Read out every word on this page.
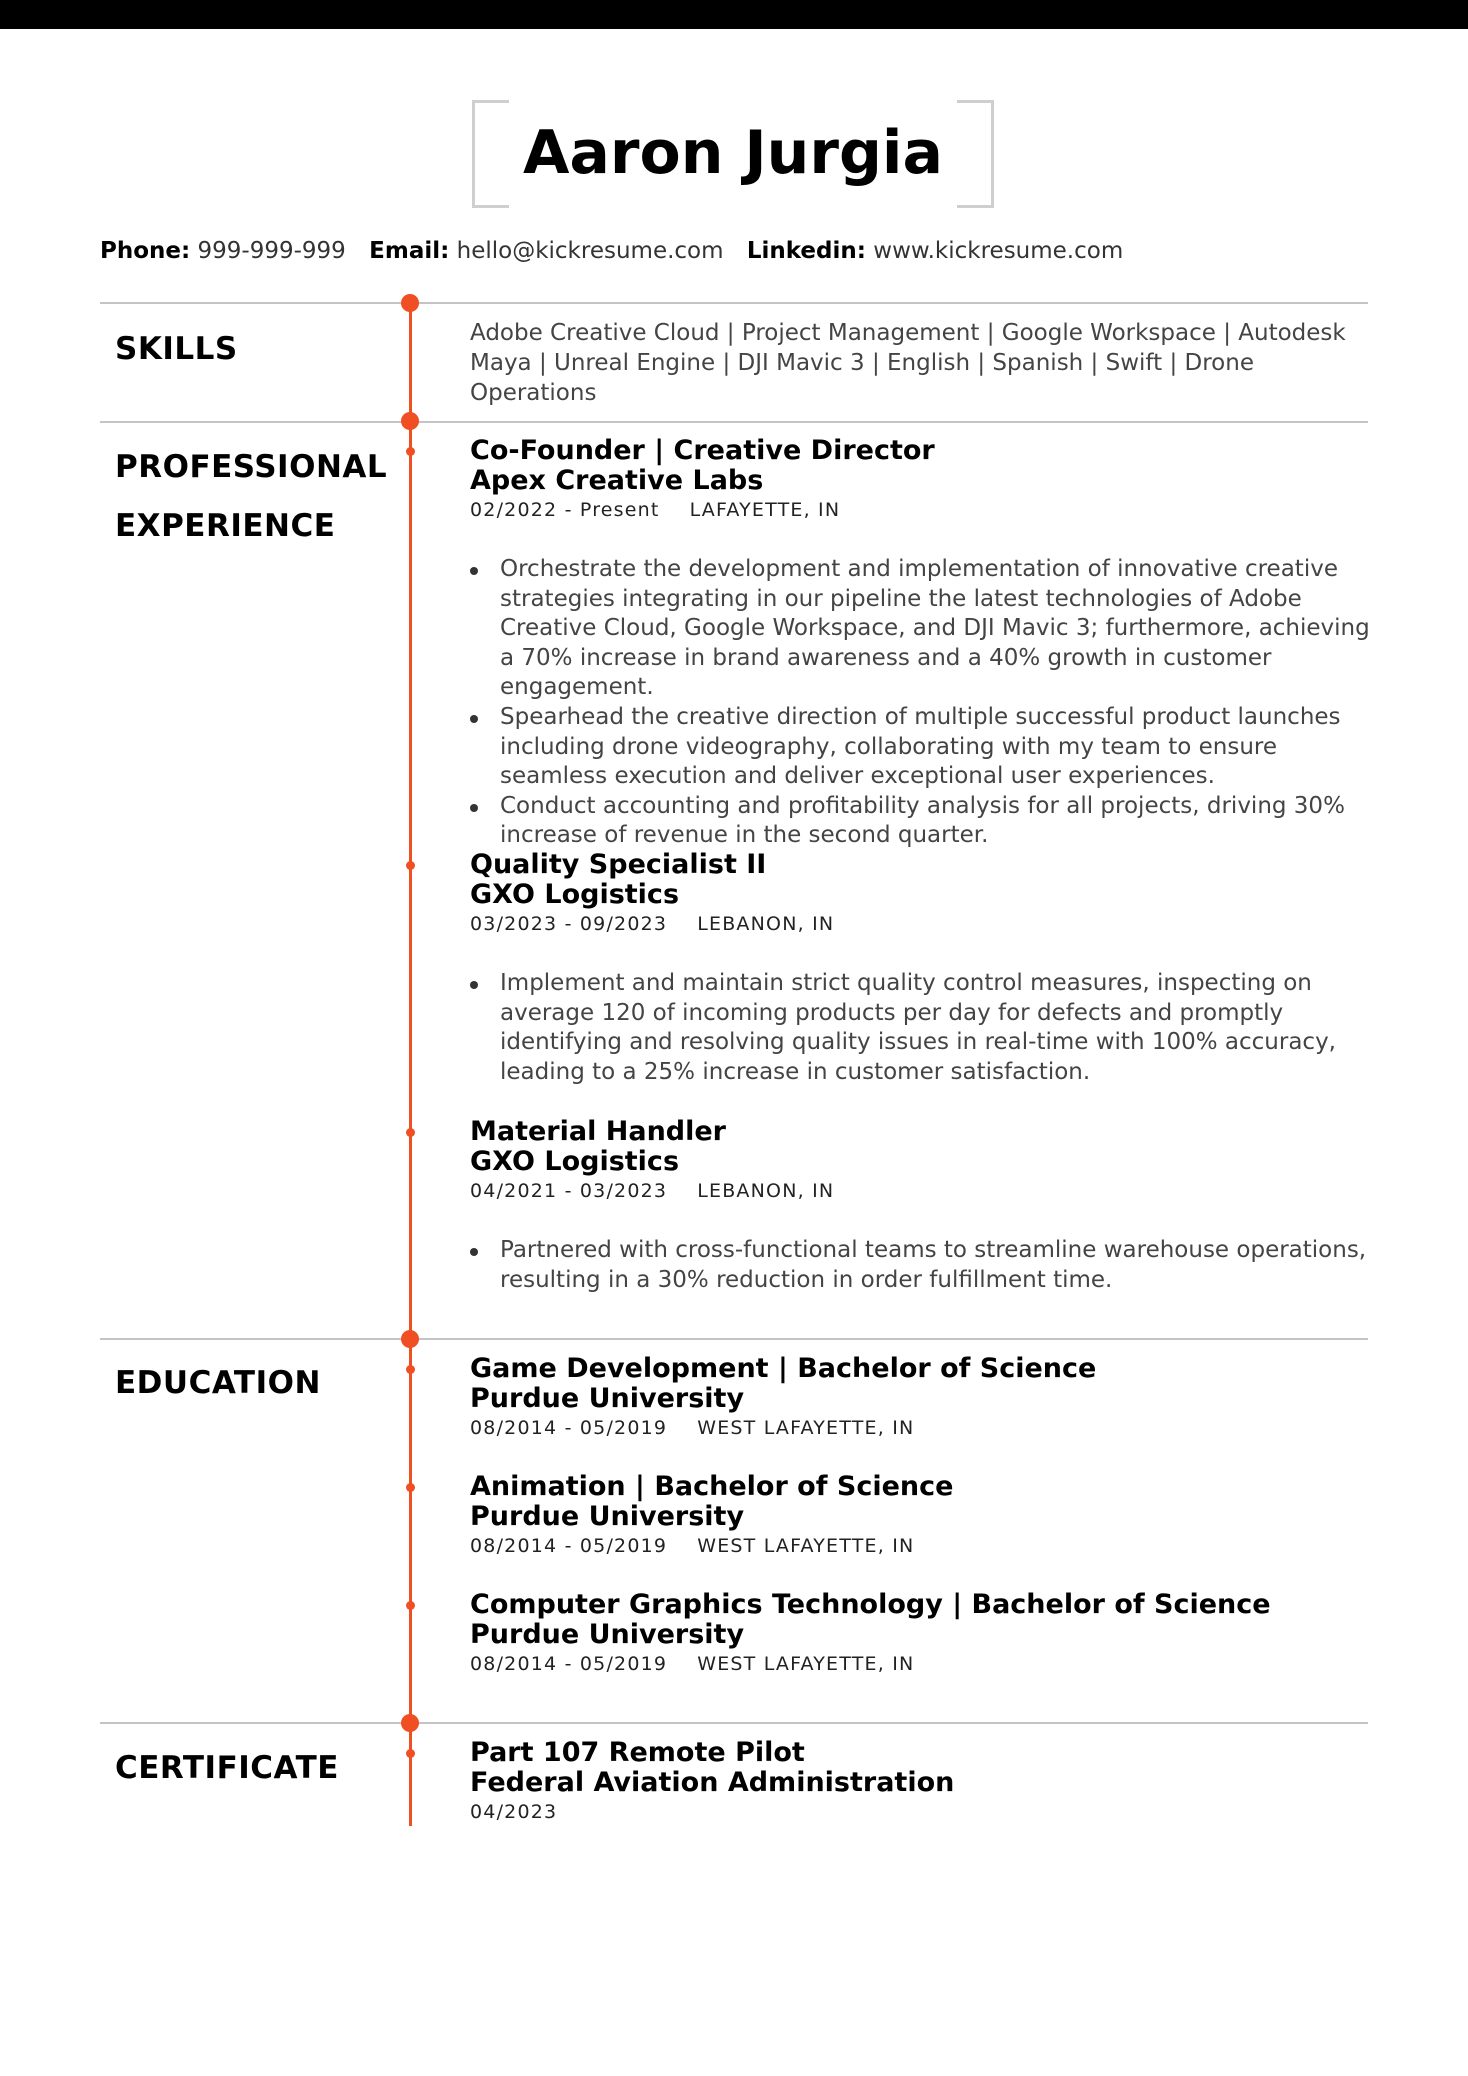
Aaron Jurgia
Phone: 999-999-999 Email: hello@kickresume.com Linkedin: www.kickresume.com
SKILLS
PROFESSIONAL
EXPERIENCE
EDUCATION
CERTIFICATE
Adobe Creative Cloud | Project Management | Google Workspace | Autodesk Maya | Unreal Engine | DJI Mavic 3 | English | Spanish | Swift | Drone Operations
Co-Founder | Creative Director
Apex Creative Labs
02/2022 - Present LAFAYETTE, IN
Orchestrate the development and implementation of innovative creative strategies integrating in our pipeline the latest technologies of Adobe Creative Cloud, Google Workspace, and DJI Mavic 3; furthermore, achieving a 70% increase in brand awareness and a 40% growth in customer engagement.
Spearhead the creative direction of multiple successful product launches including drone videography, collaborating with my team to ensure seamless execution and deliver exceptional user experiences.
Conduct accounting and profitability analysis for all projects, driving 30% increase of revenue in the second quarter.
Quality Specialist II
GXO Logistics
03/2023 - 09/2023 LEBANON, IN
Implement and maintain strict quality control measures, inspecting on average 120 of incoming products per day for defects and promptly identifying and resolving quality issues in real-time with 100% accuracy, leading to a 25% increase in customer satisfaction.
Material Handler
GXO Logistics
04/2021 - 03/2023 LEBANON, IN
Partnered with cross-functional teams to streamline warehouse operations, resulting in a 30% reduction in order fulfillment time.
Game Development | Bachelor of Science
Purdue University
08/2014 - 05/2019 WEST LAFAYETTE, IN
Animation | Bachelor of Science
Purdue University
08/2014 - 05/2019 WEST LAFAYETTE, IN
Computer Graphics Technology | Bachelor of Science
Purdue University
08/2014 - 05/2019 WEST LAFAYETTE, IN
Part 107 Remote Pilot
Federal Aviation Administration
04/2023
